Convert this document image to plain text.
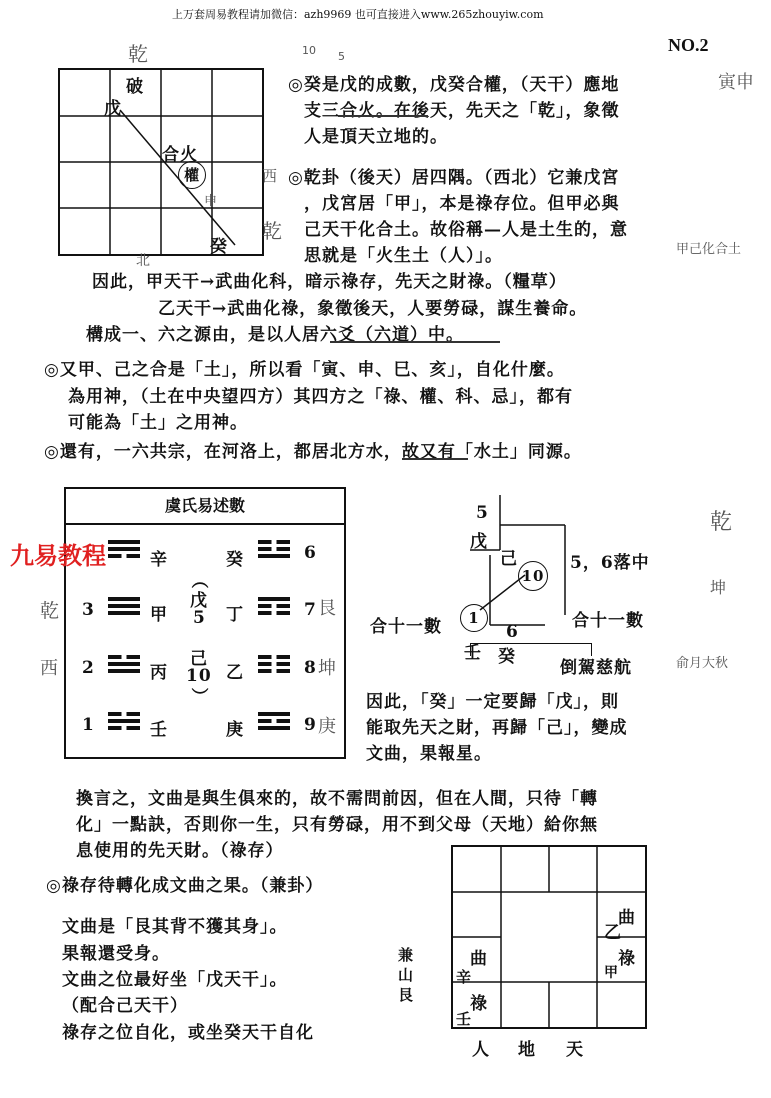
上万套周易教程请加微信：azh9969 也可直接进入www.265zhouyiw.com
NO.2
破
戊
合火
權
癸
◎癸是戊的成數，戊癸合權，（天干）應地
支三合火。在後天，先天之「乾」，象徵
人是頂天立地的。
◎乾卦（後天）居四隅。（西北）它兼戊宮
，戊宮居「甲」，本是祿存位。但甲必與
己天干化合土。故俗稱—人是土生的，意
思就是「火生土（人）」。
因此，甲天干→武曲化科，暗示祿存，先天之財祿。（糧草）
乙天干→武曲化祿，象徵後天，人要勞碌，謀生養命。
構成一、六之源由，是以人居六爻（六道）中。
◎又甲、己之合是「土」，所以看「寅、申、巳、亥」，自化什麼。
為用神，（土在中央望四方）其四方之「祿、權、科、忌」，都有
可能為「土」之用神。
◎還有，一六共宗，在河洛上，都居北方水，故又有「水土」同源。
虞氏易述數
九易教程
3
2
1
6
7
8
9
辛
甲
丙
壬
癸
丁
乙
庚
（
戊
5
己
10
）
5
戊
己
10
5，6落中
合十一數	1
6
壬 癸
合十一數
倒駕慈航
因此，「癸」一定要歸「戊」，則
能取先天之財，再歸「己」，變成
文曲，果報星。
換言之，文曲是與生俱來的，故不需問前因，但在人間，只待「轉
化」一點訣，否則你一生，只有勞碌，用不到父母（天地）給你無
息使用的先天財。（祿存）
◎祿存待轉化成文曲之果。（兼卦）
文曲是「艮其背不獲其身」。
果報還受身。
文曲之位最好坐「戊天干」。
（配合己天干）
祿存之位自化，或坐癸天干自化
曲
乙
祿
甲
曲
辛
祿
壬
兼
山
艮
人 地 天
乾	10 5
寅申
西
乾
甲己化合土
申
北
乾
西
艮
坤
庚
乾
坤
俞月大秋
